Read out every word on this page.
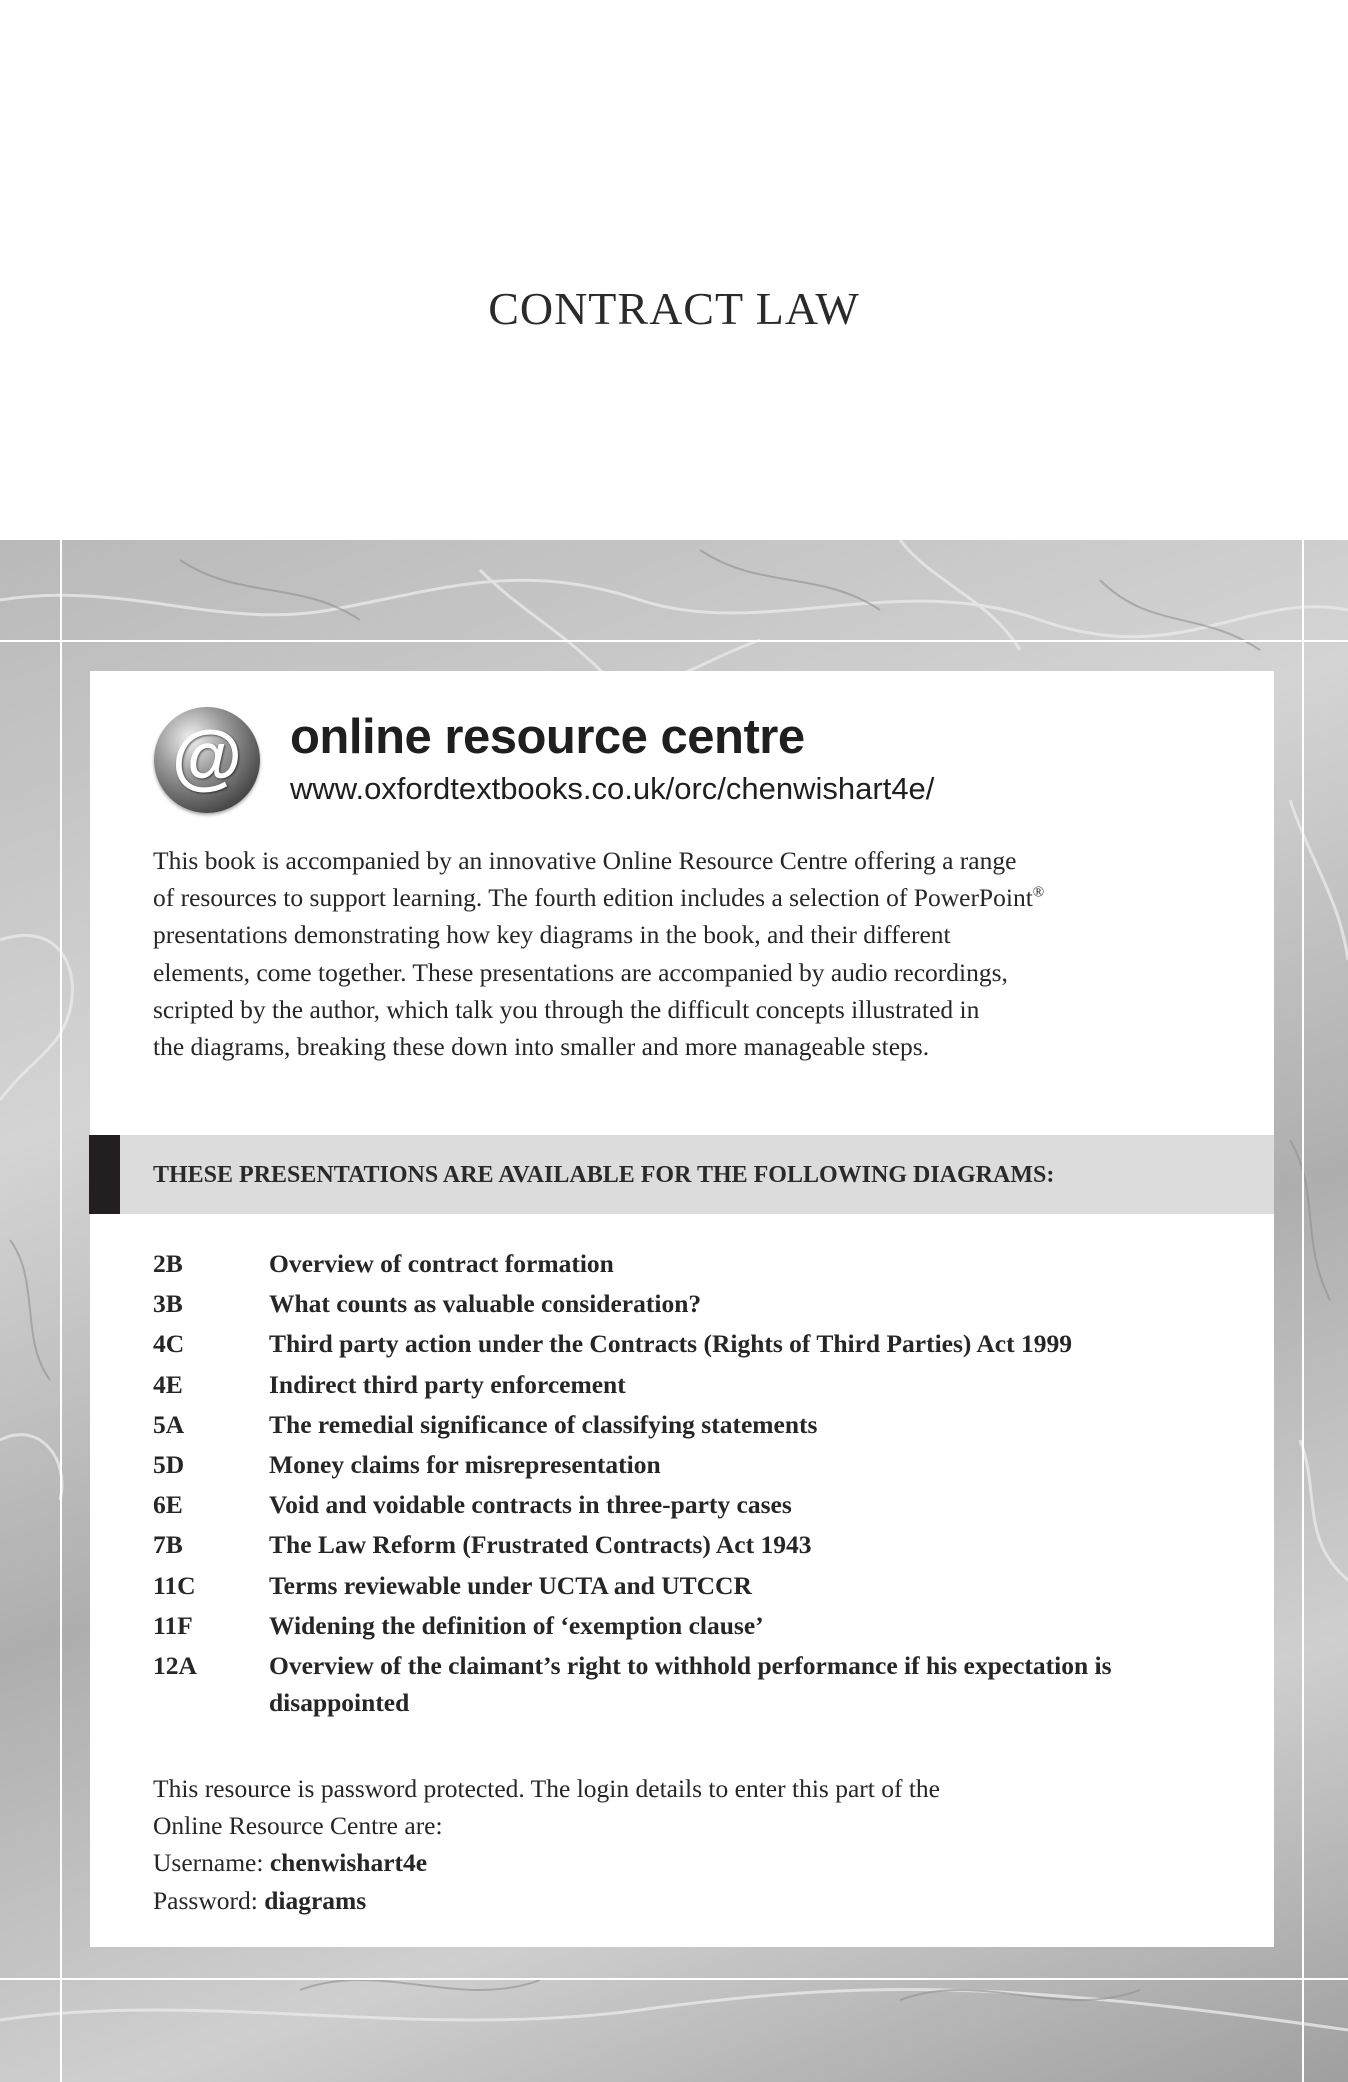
CONTRACT LAW
@ online resource centre
www.oxfordtextbooks.co.uk/orc/chenwishart4e/

This book is accompanied by an innovative Online Resource Centre offering a range
of resources to support learning. The fourth edition includes a selection of PowerPoint®
presentations demonstrating how key diagrams in the book, and their different
elements, come together. These presentations are accompanied by audio recordings,
scripted by the author, which talk you through the difficult concepts illustrated in
the diagrams, breaking these down into smaller and more manageable steps.

THESE PRESENTATIONS ARE AVAILABLE FOR THE FOLLOWING DIAGRAMS:
2B	Overview of contract formation
3B	What counts as valuable consideration?
4C	Third party action under the Contracts (Rights of Third Parties) Act 1999
4E	Indirect third party enforcement
5A	The remedial significance of classifying statements
5D	Money claims for misrepresentation
6E	Void and voidable contracts in three-party cases
7B	The Law Reform (Frustrated Contracts) Act 1943
11C	Terms reviewable under UCTA and UTCCR
11F	Widening the definition of ‘exemption clause’
12A	Overview of the claimant’s right to withhold performance if his expectation is disappointed
This resource is password protected. The login details to enter this part of the
Online Resource Centre are:
Username: chenwishart4e
Password: diagrams
